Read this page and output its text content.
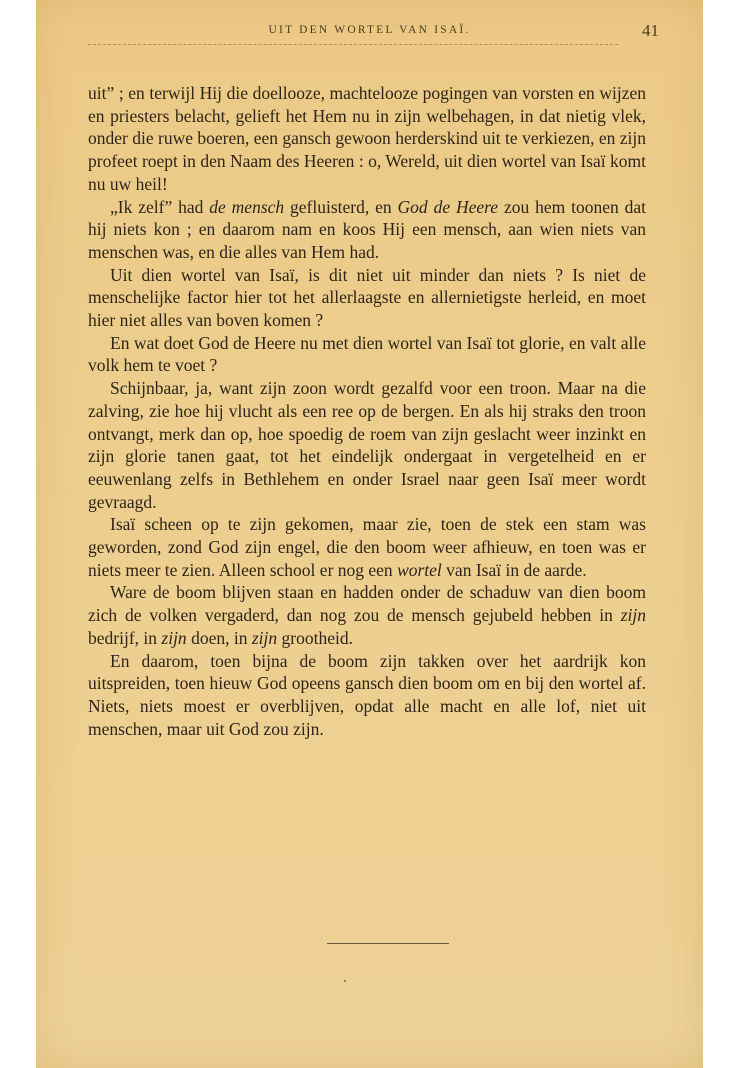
UIT DEN WORTEL VAN ISAÏ.	41

uit” ; en terwijl Hij die doellooze, machtelooze pogingen van vorsten en wijzen en priesters belacht, gelieft het Hem nu in zijn welbehagen, in dat nietig vlek, onder die ruwe boeren, een gansch gewoon herderskind uit te verkiezen, en zijn profeet roept in den Naam des Heeren : o, Wereld, uit dien wortel van Isaï komt nu uw heil!

„Ik zelf” had de mensch gefluisterd, en God de Heere zou hem toonen dat hij niets kon ; en daarom nam en koos Hij een mensch, aan wien niets van menschen was, en die alles van Hem had.

Uit dien wortel van Isaï, is dit niet uit minder dan niets ? Is niet de menschelijke factor hier tot het allerlaagste en allernietigste herleid, en moet hier niet alles van boven komen ?

En wat doet God de Heere nu met dien wortel van Isaï tot glorie, en valt alle volk hem te voet ?

Schijnbaar, ja, want zijn zoon wordt gezalfd voor een troon. Maar na die zalving, zie hoe hij vlucht als een ree op de bergen. En als hij straks den troon ontvangt, merk dan op, hoe spoedig de roem van zijn geslacht weer inzinkt en zijn glorie tanen gaat, tot het eindelijk ondergaat in vergetelheid en er eeuwenlang zelfs in Bethlehem en onder Israel naar geen Isaï meer wordt gevraagd.

Isaï scheen op te zijn gekomen, maar zie, toen de stek een stam was geworden, zond God zijn engel, die den boom weer afhieuw, en toen was er niets meer te zien. Alleen school er nog een wortel van Isaï in de aarde.

Ware de boom blijven staan en hadden onder de schaduw van dien boom zich de volken vergaderd, dan nog zou de mensch gejubeld hebben in zijn bedrijf, in zijn doen, in zijn grootheid.

En daarom, toen bijna de boom zijn takken over het aardrijk kon uitspreiden, toen hieuw God opeens gansch dien boom om en bij den wortel af. Niets, niets moest er overblijven, opdat alle macht en alle lof, niet uit menschen, maar uit God zou zijn.
